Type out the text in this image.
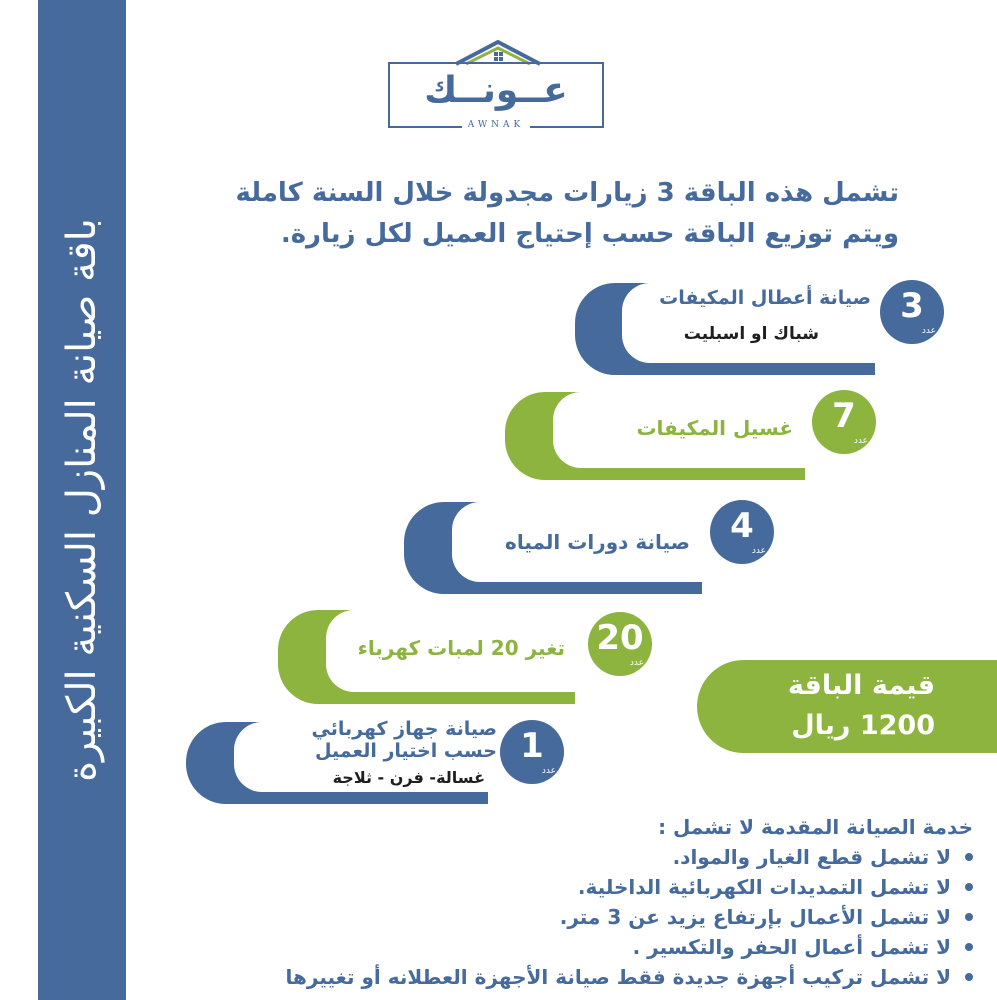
باقة صيانة المنازل السكنية الكبيرة
عــونــك
AWNAK
تشمل هذه الباقة 3 زيارات مجدولة خلال السنة كاملة
ويتم توزيع الباقة حسب إحتياج العميل لكل زيارة.
صيانة أعطال المكيفات
شباك او اسبليت
3
عدد
غسيل المكيفات	7
عدد
صيانة دورات المياه	4
عدد
تغير 20 لمبات كهرباء 20
عدد
صيانة جهاز كهربائي
حسب اختيار العميل
غسالة- فرن - ثلاجة
1
عدد
قيمة الباقة
1200 ريال
خدمة الصيانة المقدمة لا تشمل :
لا تشمل قطع الغيار والمواد.
لا تشمل التمديدات الكهربائية الداخلية.
لا تشمل الأعمال بإرتفاع يزيد عن 3 متر.
لا تشمل أعمال الحفر والتكسير .
لا تشمل تركيب أجهزة جديدة فقط صيانة الأجهزة العطلانه أو تغييرها
